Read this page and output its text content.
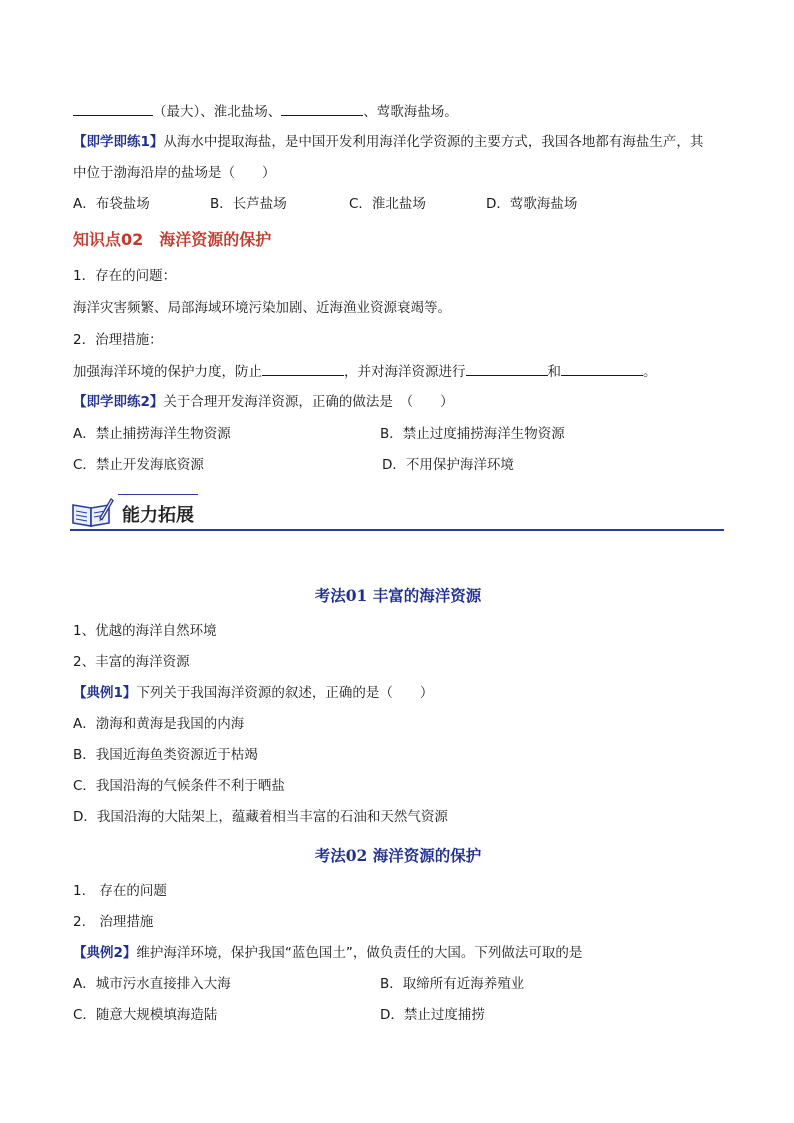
（最大）、淮北盐场、	、莺歌海盐场。
【即学即练1】从海水中提取海盐，是中国开发利用海洋化学资源的主要方式，我国各地都有海盐生产，其
中位于渤海沿岸的盐场是（　　）
A．布袋盐场	B．长芦盐场	C．淮北盐场	D．莺歌海盐场
知识点02　海洋资源的保护
1．存在的问题：
海洋灾害频繁、局部海域环境污染加剧、近海渔业资源衰竭等。
2．治理措施：
加强海洋环境的保护力度，防止	，并对海洋资源进行	和	。
【即学即练2】关于合理开发海洋资源，正确的做法是　（　　）
A．禁止捕捞海洋生物资源	B．禁止过度捕捞海洋生物资源
C．禁止开发海底资源	D．不用保护海洋环境
能力拓展
考法01 丰富的海洋资源
1、优越的海洋自然环境
2、丰富的海洋资源
【典例1】下列关于我国海洋资源的叙述，正确的是（　　）
A．渤海和黄海是我国的内海
B．我国近海鱼类资源近于枯竭
C．我国沿海的气候条件不利于晒盐
D．我国沿海的大陆架上，蕴藏着相当丰富的石油和天然气资源
考法02 海洋资源的保护
1.　存在的问题
2.　治理措施
【典例2】维护海洋环境，保护我国“蓝色国土”，做负责任的大国。下列做法可取的是
A．城市污水直接排入大海	B．取缔所有近海养殖业
C．随意大规模填海造陆	D．禁止过度捕捞
